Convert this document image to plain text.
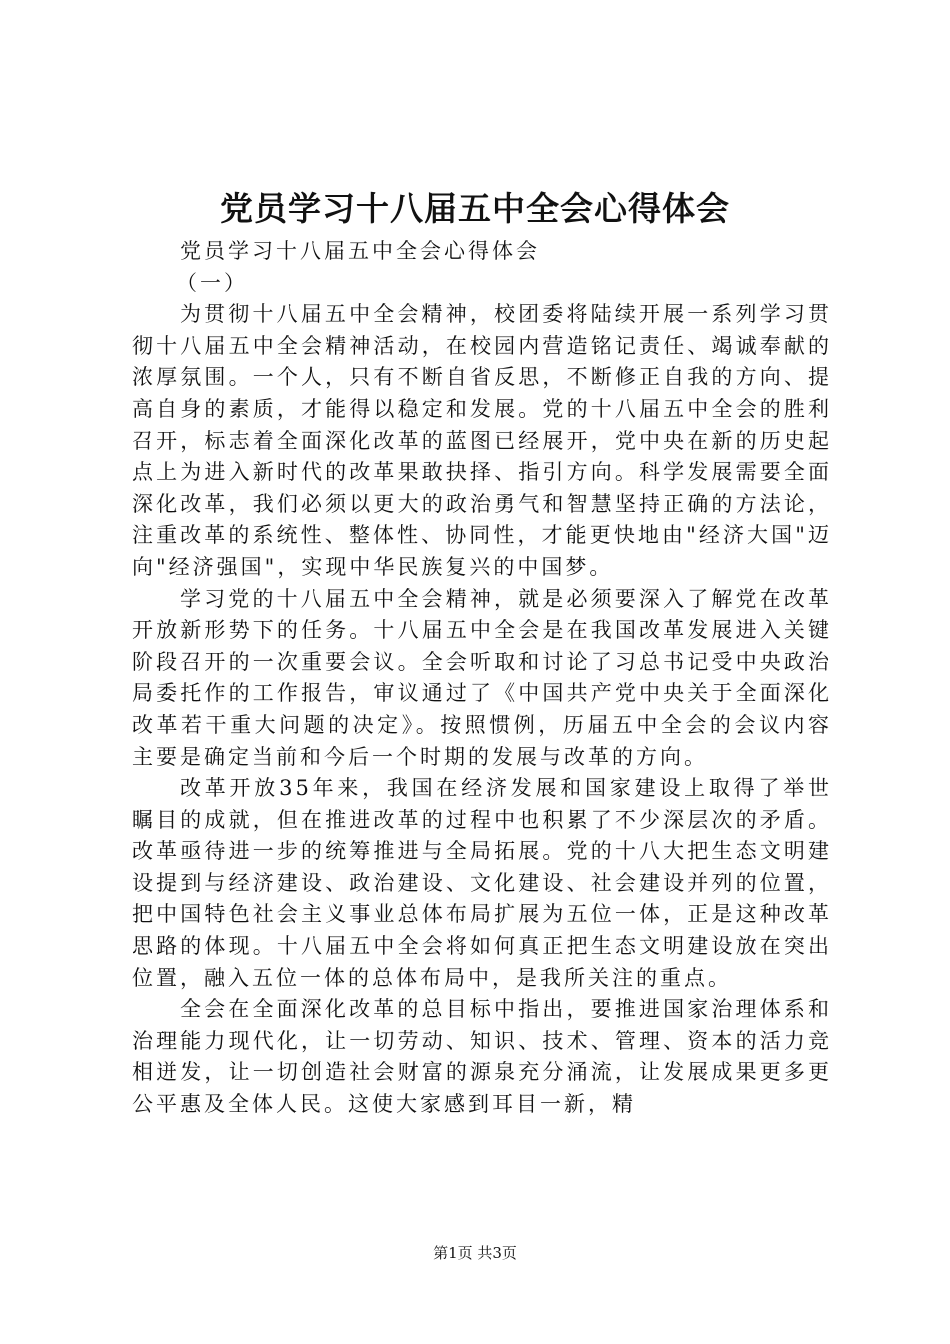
党员学习十八届五中全会心得体会

党员学习十八届五中全会心得体会

（一）

为贯彻十八届五中全会精神，校团委将陆续开展一系列学习贯彻十八届五中全会精神活动，在校园内营造铭记责任、竭诚奉献的浓厚氛围。一个人，只有不断自省反思，不断修正自我的方向、提高自身的素质，才能得以稳定和发展。党的十八届五中全会的胜利召开，标志着全面深化改革的蓝图已经展开，党中央在新的历史起点上为进入新时代的改革果敢抉择、指引方向。科学发展需要全面深化改革，我们必须以更大的政治勇气和智慧坚持正确的方法论，注重改革的系统性、整体性、协同性，才能更快地由"经济大国"迈向"经济强国"，实现中华民族复兴的中国梦。

学习党的十八届五中全会精神，就是必须要深入了解党在改革开放新形势下的任务。十八届五中全会是在我国改革发展进入关键阶段召开的一次重要会议。全会听取和讨论了习总书记受中央政治局委托作的工作报告，审议通过了《中国共产党中央关于全面深化改革若干重大问题的决定》。按照惯例，历届五中全会的会议内容主要是确定当前和今后一个时期的发展与改革的方向。

改革开放35年来，我国在经济发展和国家建设上取得了举世瞩目的成就，但在推进改革的过程中也积累了不少深层次的矛盾。改革亟待进一步的统筹推进与全局拓展。党的十八大把生态文明建设提到与经济建设、政治建设、文化建设、社会建设并列的位置，把中国特色社会主义事业总体布局扩展为五位一体，正是这种改革思路的体现。十八届五中全会将如何真正把生态文明建设放在突出位置，融入五位一体的总体布局中，是我所关注的重点。

全会在全面深化改革的总目标中指出，要推进国家治理体系和治理能力现代化，让一切劳动、知识、技术、管理、资本的活力竞相迸发，让一切创造社会财富的源泉充分涌流，让发展成果更多更公平惠及全体人民。这使大家感到耳目一新，精

第1页 共3页
